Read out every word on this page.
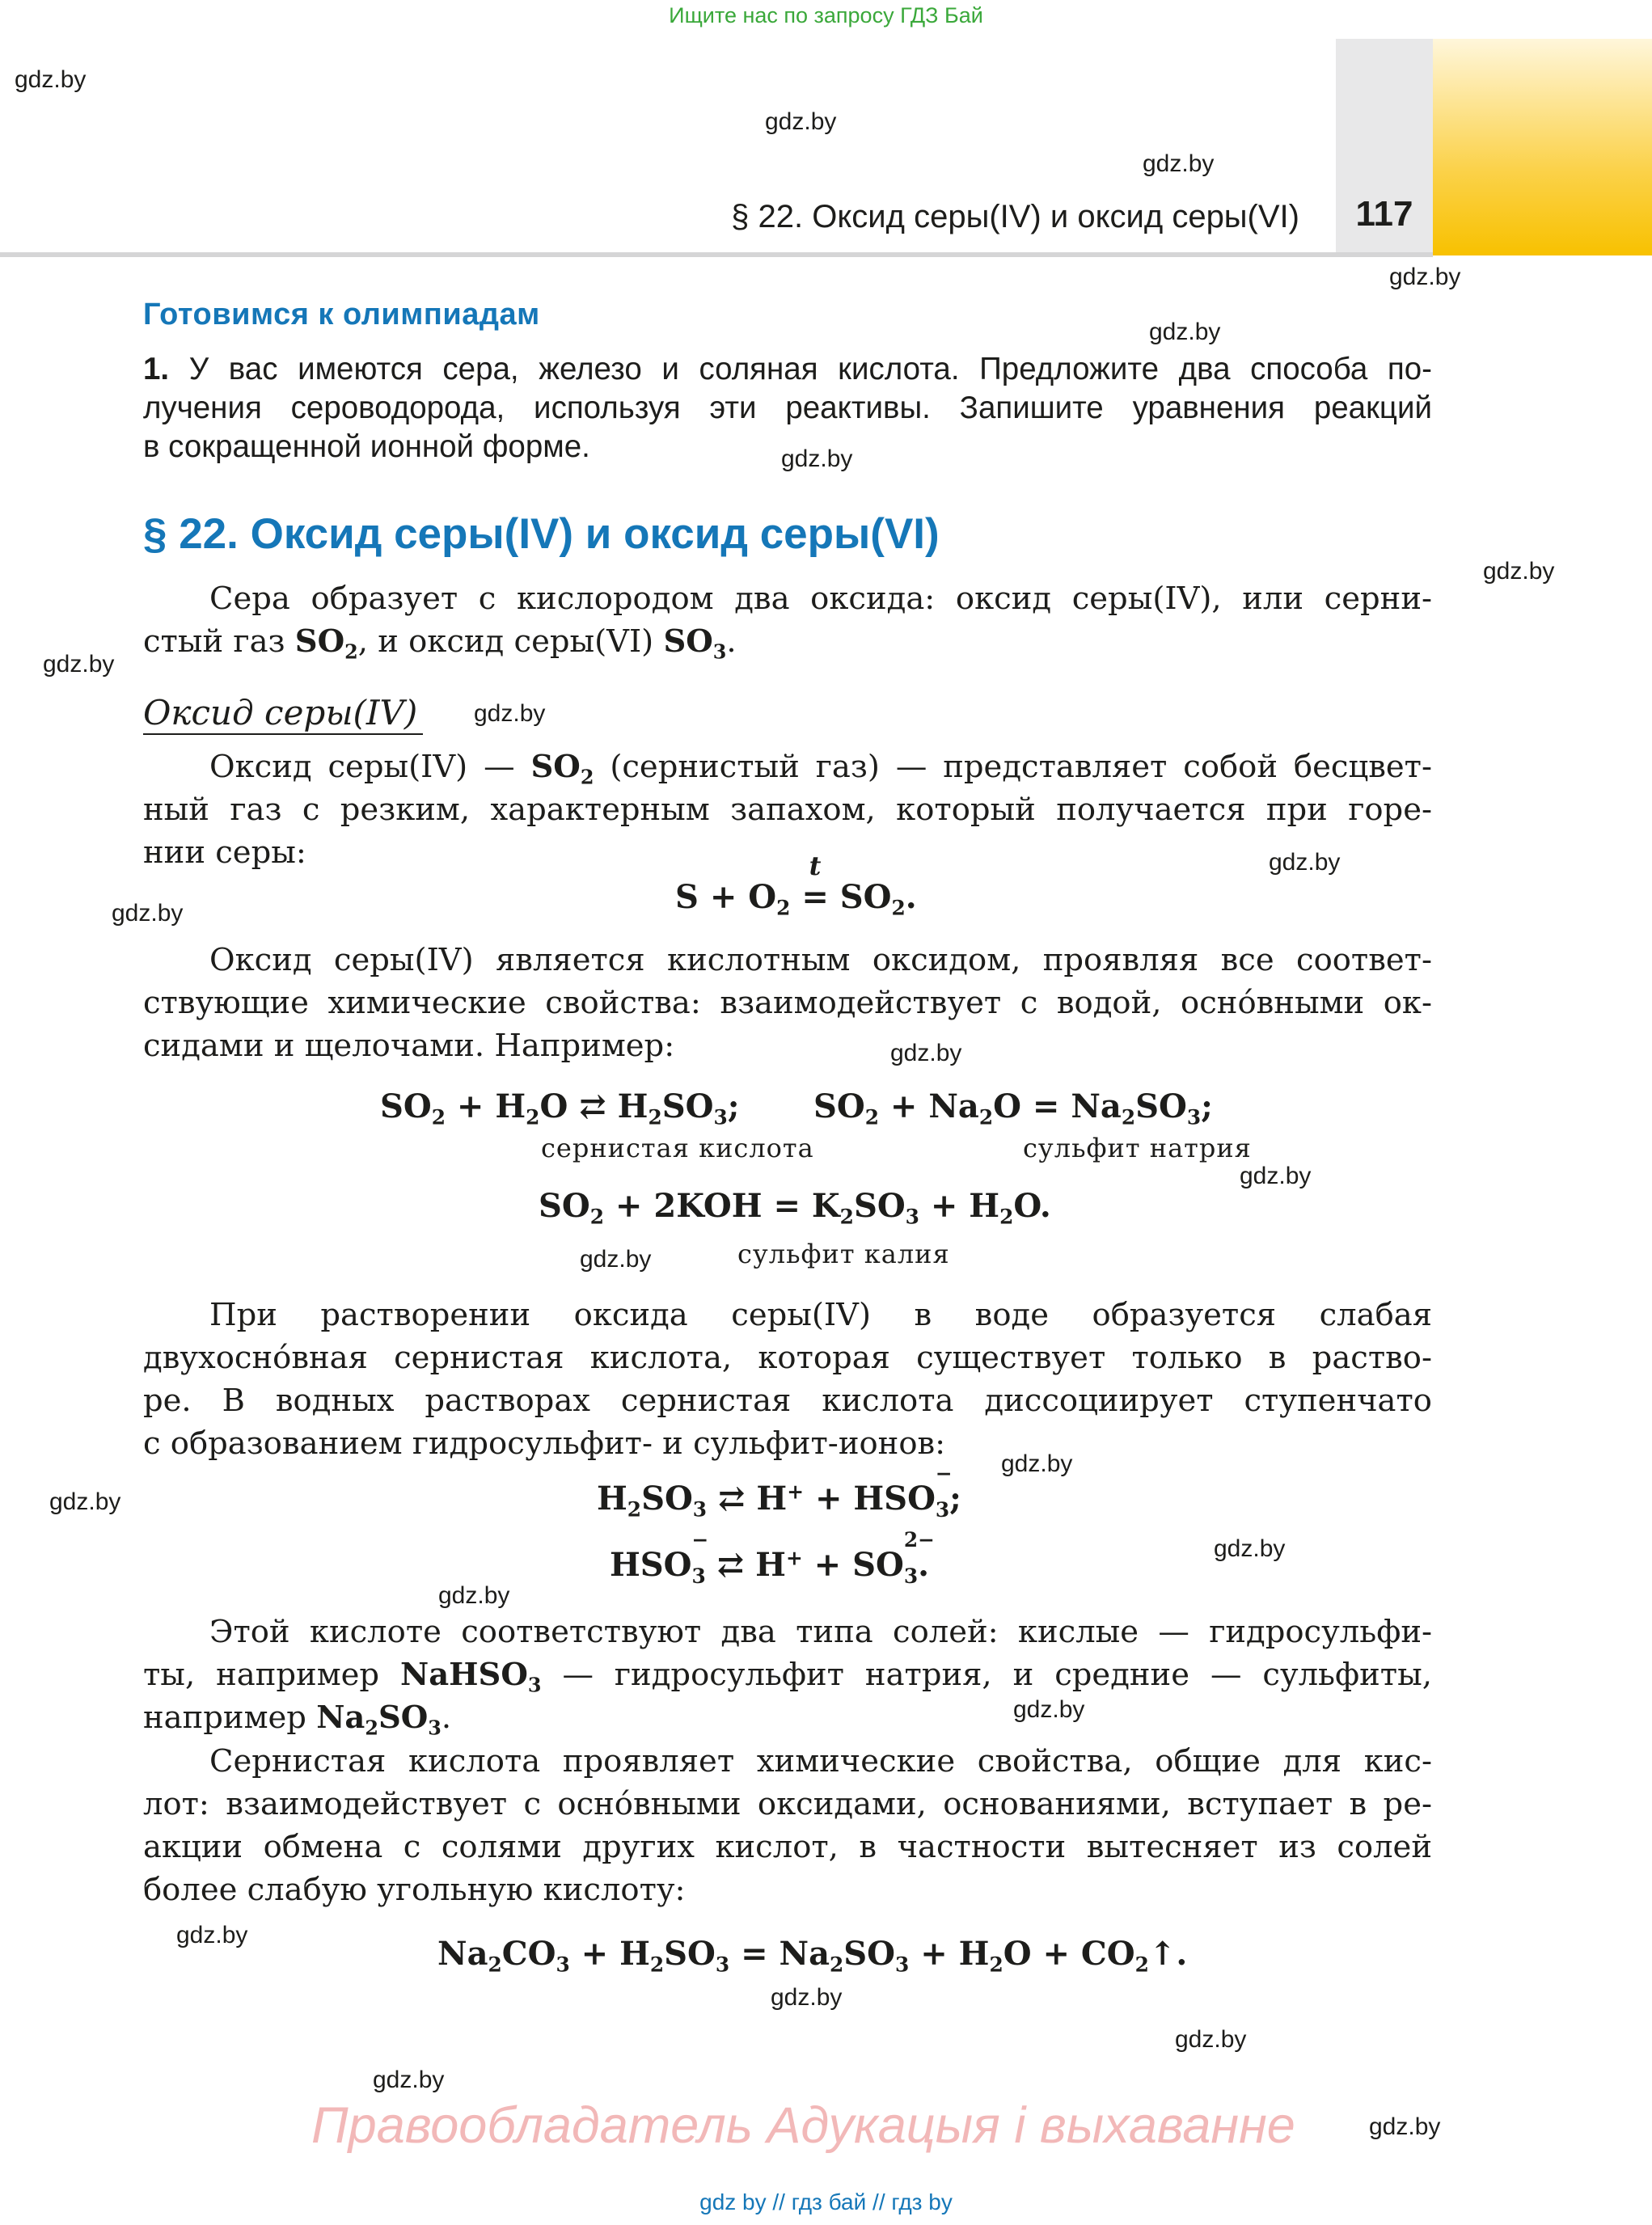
Ищите нас по запросу ГДЗ Бай
§ 22. Оксид серы(IV) и оксид серы(VI)	117
gdz.by
gdz.by
gdz.by
gdz.by
gdz.by
gdz.by
gdz.by
gdz.by
gdz.by
gdz.by
gdz.by
gdz.by
gdz.by
gdz.by
gdz.by
gdz.by
gdz.by
gdz.by
gdz.by
gdz.by
gdz.by
gdz.by
gdz.by
gdz.by
Готовимся к олимпиадам

1. У вас имеются сера, железо и соляная кислота. Предложите два способа по-

лучения сероводорода, используя эти реактивы. Запишите уравнения реакций

в сокращенной ионной форме.

§ 22. Оксид серы(IV) и оксид серы(VI)
Сера образует с кислородом два оксида: оксид серы(IV), или серни-
стый газ $SO_2$, и оксид серы(VI) $SO_3$.
Оксид серы(IV)
Оксид серы(IV) — $SO_2$ (сернистый газ) — представляет собой бесцвет-
ный газ с резким, характерным запахом, который получается при горе-
нии серы:
$S + O_2$
t
= $SO_2$.
Оксид серы(IV) является кислотным оксидом, проявляя все соответ-
ствующие химические свойства: взаимодействует с водой, осно́вными ок-
сидами и щелочами. Например:
$SO_2 + H_2O$ ⇄ $H_2SO_3$; $SO_2 + Na_2O = Na_2SO_3$;
сернистая кислота	сульфит натрия
$SO_2 + 2KOH = K_2SO_3 + H_2O$.
сульфит калия
При растворении оксида серы(IV) в воде образуется слабая
двухосно́вная сернистая кислота, которая существует только в раство-
ре. В водных растворах сернистая кислота диссоциирует ступенчато
с образованием гидросульфит- и сульфит-ионов:
$H_2SO_3$ ⇄ H+ + HSO
$_{- 3}$;
HSO
$_{- 3}$ ⇄ H+ + SO
$_{2- 3}$.
Этой кислоте соответствуют два типа солей: кислые — гидросульфи-
ты, например NaHSO$_3$ — гидросульфит натрия, и средние — сульфиты,
например $Na_2SO_3$.
Сернистая кислота проявляет химические свойства, общие для кис-
лот: взаимодействует с осно́вными оксидами, основаниями, вступает в ре-
акции обмена с солями других кислот, в частности вытесняет из солей
более слабую угольную кислоту:
$Na_2CO_3 + H_2SO_3 = Na_2SO_3 + H_2O$ + $CO_2↑$.
Правообладатель Адукацыя і выхаванне
gdz by // гдз бай // гдз by
